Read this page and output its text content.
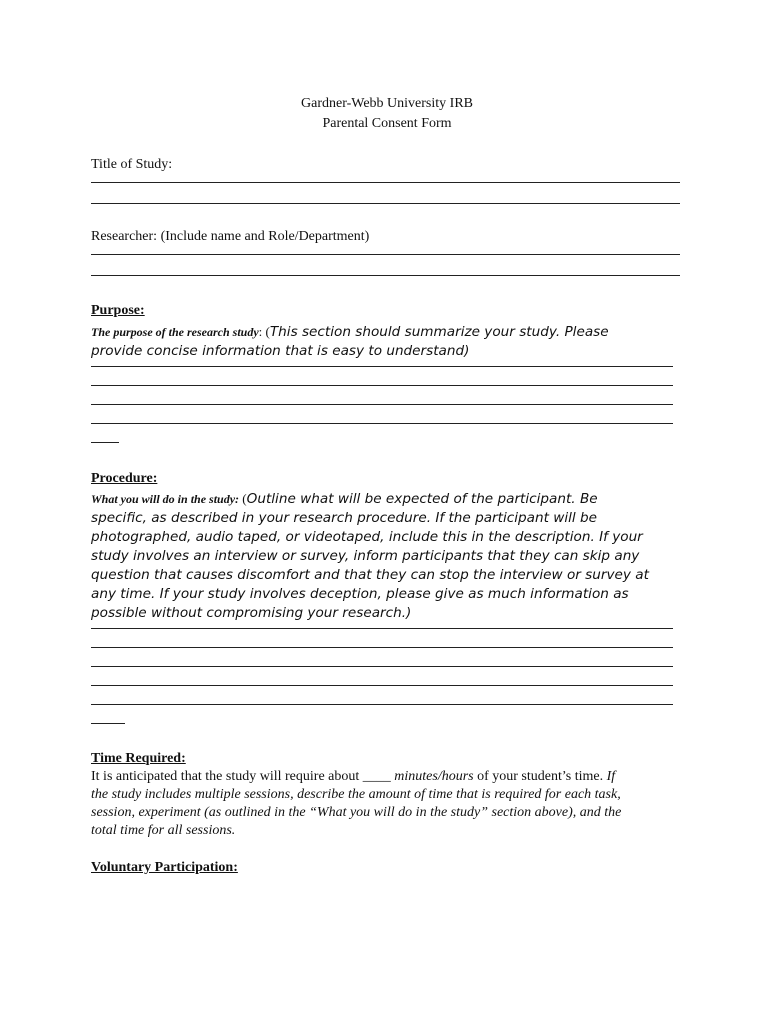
Gardner-Webb University IRB
Parental Consent Form
Title of Study:
Researcher: (Include name and Role/Department)
Purpose:
The purpose of the research study: (This section should summarize your study. Please
provide concise information that is easy to understand)
Procedure:
What you will do in the study: (Outline what will be expected of the participant. Be
specific, as described in your research procedure. If the participant will be
photographed, audio taped, or videotaped, include this in the description. If your
study involves an interview or survey, inform participants that they can skip any
question that causes discomfort and that they can stop the interview or survey at
any time. If your study involves deception, please give as much information as
possible without compromising your research.)
Time Required:
It is anticipated that the study will require about ____ minutes/hours of your student’s time. If
the study includes multiple sessions, describe the amount of time that is required for each task,
session, experiment (as outlined in the “What you will do in the study” section above), and the
total time for all sessions.
Voluntary Participation:
